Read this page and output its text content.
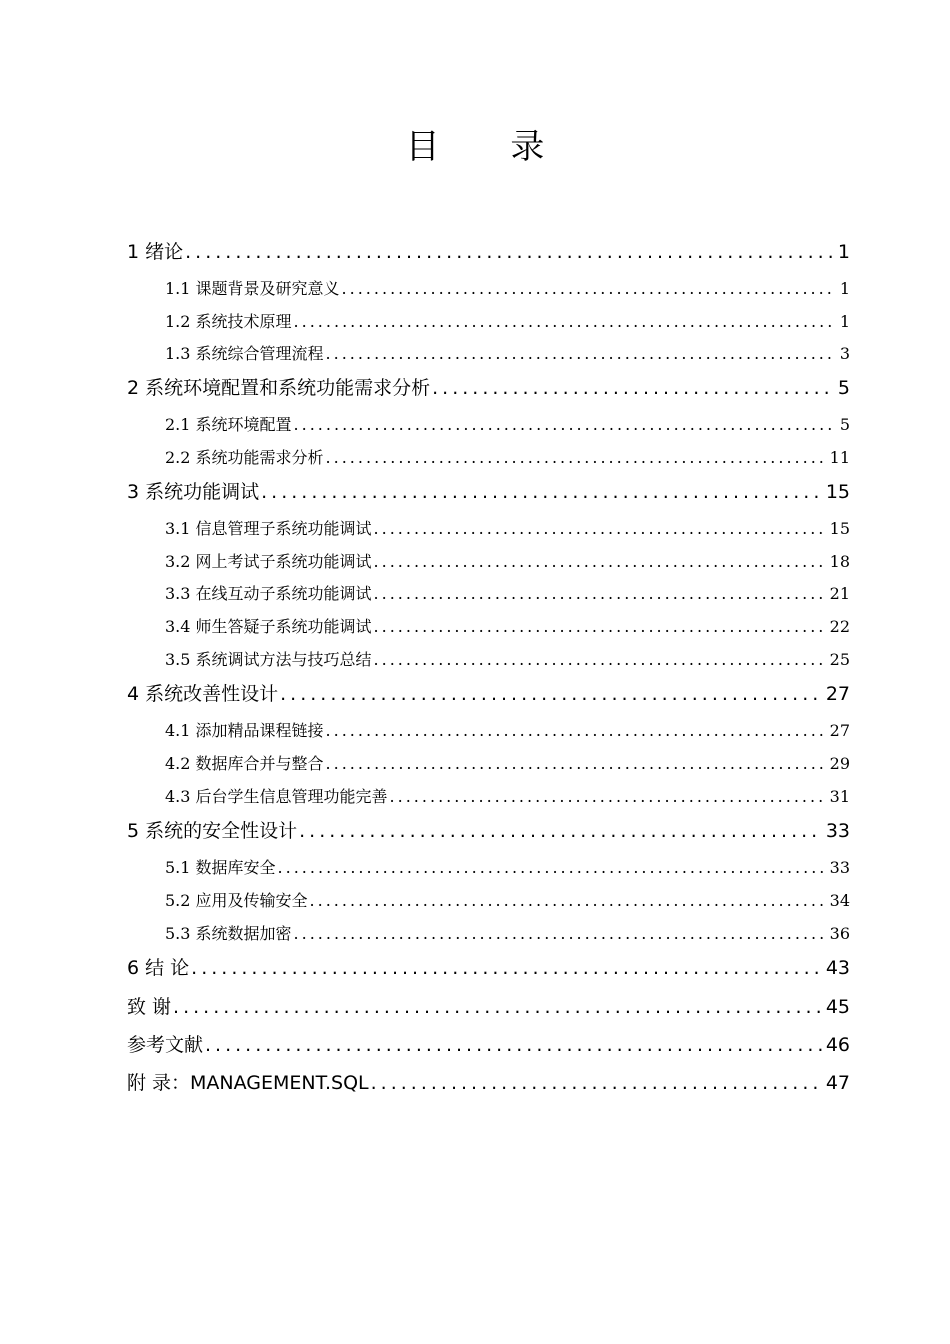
目 录
1 绪论 .....	1
1.1 课题背景及研究意义 .....	1
1.2 系统技术原理 .....	1
1.3 系统综合管理流程 .....	3
2 系统环境配置和系统功能需求分析 .....	5
2.1 系统环境配置 .....	5
2.2 系统功能需求分析 .....	11
3 系统功能调试 .....	15
3.1 信息管理子系统功能调试 .....	15
3.2 网上考试子系统功能调试 .....	18
3.3 在线互动子系统功能调试 .....	21
3.4 师生答疑子系统功能调试 .....	22
3.5 系统调试方法与技巧总结 .....	25
4 系统改善性设计 .....	27
4.1 添加精品课程链接 .....	27
4.2 数据库合并与整合 .....	29
4.3 后台学生信息管理功能完善 .....	31
5 系统的安全性设计 .....	33
5.1 数据库安全 .....	33
5.2 应用及传输安全 .....	34
5.3 系统数据加密 .....	36
6 结 论 .....	43
致 谢 .....	45
参考文献 .....	46
附 录：MANAGEMENT.SQL .....	47
